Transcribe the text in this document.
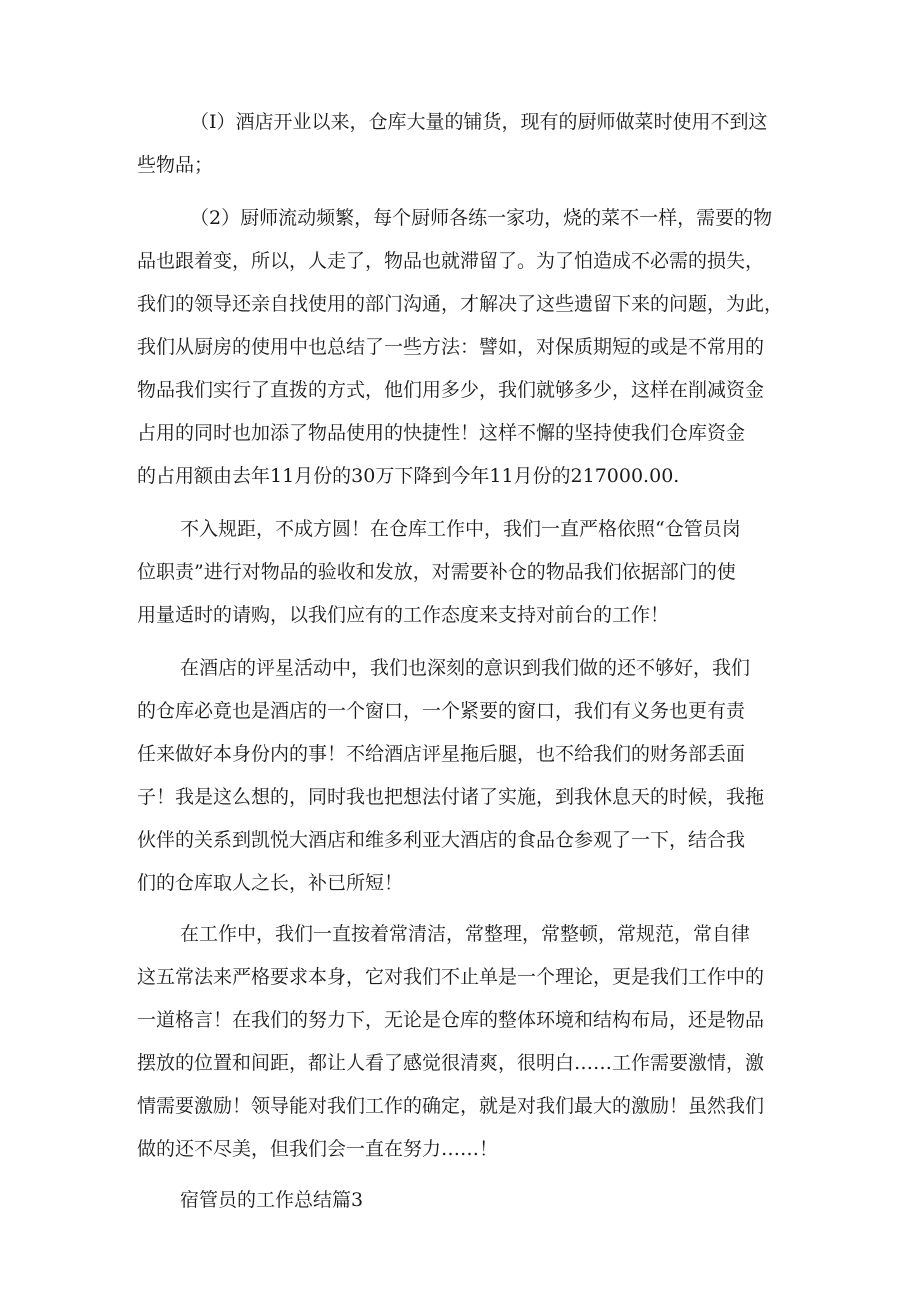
（I）酒店开业以来，仓库大量的铺货，现有的厨师做菜时使用不到这
些物品；
（2）厨师流动频繁，每个厨师各练一家功，烧的菜不一样，需要的物
品也跟着变，所以，人走了，物品也就滞留了。为了怕造成不必需的损失，
我们的领导还亲自找使用的部门沟通，才解决了这些遗留下来的问题，为此，
我们从厨房的使用中也总结了一些方法：譬如，对保质期短的或是不常用的
物品我们实行了直拨的方式，他们用多少，我们就够多少，这样在削减资金
占用的同时也加添了物品使用的快捷性！这样不懈的坚持使我们仓库资金
的占用额由去年11月份的30万下降到今年11月份的217000.00.
不入规距，不成方圆！在仓库工作中，我们一直严格依照“仓管员岗
位职责”进行对物品的验收和发放，对需要补仓的物品我们依据部门的使
用量适时的请购，以我们应有的工作态度来支持对前台的工作！
在酒店的评星活动中，我们也深刻的意识到我们做的还不够好，我们
的仓库必竟也是酒店的一个窗口，一个紧要的窗口，我们有义务也更有责
任来做好本身份内的事！不给酒店评星拖后腿，也不给我们的财务部丢面
子！我是这么想的，同时我也把想法付诸了实施，到我休息天的时候，我拖
伙伴的关系到凯悦大酒店和维多利亚大酒店的食品仓参观了一下，结合我
们的仓库取人之长，补已所短！
在工作中，我们一直按着常清洁，常整理，常整顿，常规范，常自律
这五常法来严格要求本身，它对我们不止单是一个理论，更是我们工作中的
一道格言！在我们的努力下，无论是仓库的整体环境和结构布局，还是物品
摆放的位置和间距，都让人看了感觉很清爽，很明白……工作需要激情，激
情需要激励！领导能对我们工作的确定，就是对我们最大的激励！虽然我们
做的还不尽美，但我们会一直在努力……！
宿管员的工作总结篇3
